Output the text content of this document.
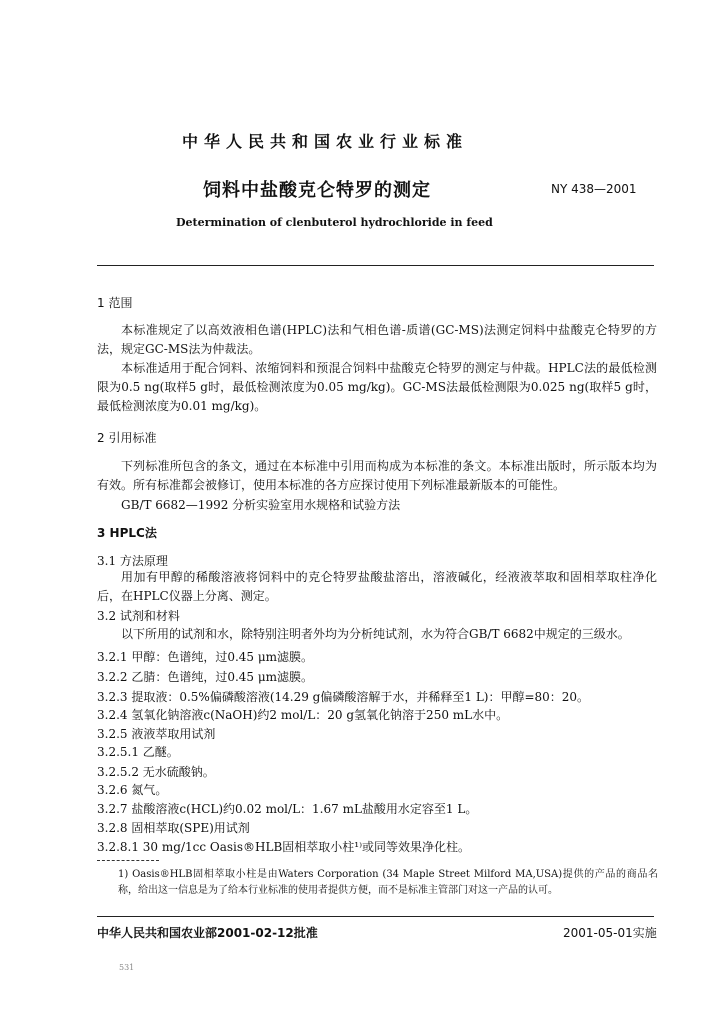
中华人民共和国农业行业标准
饲料中盐酸克仑特罗的测定	NY 438—2001
Determination of clenbuterol hydrochloride in feed
1 范围
本标准规定了以高效液相色谱(HPLC)法和气相色谱-质谱(GC-MS)法测定饲料中盐酸克仑特罗的方法，规定GC-MS法为仲裁法。
本标准适用于配合饲料、浓缩饲料和预混合饲料中盐酸克仑特罗的测定与仲裁。HPLC法的最低检测限为0.5 ng(取样5 g时，最低检测浓度为0.05 mg/kg)。GC-MS法最低检测限为0.025 ng(取样5 g时，最低检测浓度为0.01 mg/kg)。
2 引用标准
下列标准所包含的条文，通过在本标准中引用而构成为本标准的条文。本标准出版时，所示版本均为有效。所有标准都会被修订，使用本标准的各方应探讨使用下列标准最新版本的可能性。
GB/T 6682—1992 分析实验室用水规格和试验方法
3 HPLC法
3.1 方法原理
用加有甲醇的稀酸溶液将饲料中的克仑特罗盐酸盐溶出，溶液碱化，经液液萃取和固相萃取柱净化后，在HPLC仪器上分离、测定。
3.2 试剂和材料
以下所用的试剂和水，除特别注明者外均为分析纯试剂，水为符合GB/T 6682中规定的三级水。
3.2.1 甲醇：色谱纯，过0.45 μm滤膜。
3.2.2 乙腈：色谱纯，过0.45 μm滤膜。
3.2.3 提取液：0.5%偏磷酸溶液(14.29 g偏磷酸溶解于水，并稀释至1 L)：甲醇=80：20。
3.2.4 氢氧化钠溶液c(NaOH)约2 mol/L：20 g氢氧化钠溶于250 mL水中。
3.2.5 液液萃取用试剂
3.2.5.1 乙醚。
3.2.5.2 无水硫酸钠。
3.2.6 氮气。
3.2.7 盐酸溶液c(HCL)约0.02 mol/L：1.67 mL盐酸用水定容至1 L。
3.2.8 固相萃取(SPE)用试剂
3.2.8.1 30 mg/1cc Oasis®HLB固相萃取小柱¹⁾或同等效果净化柱。
1) Oasis®HLB固相萃取小柱是由Waters Corporation (34 Maple Street Milford MA,USA)提供的产品的商品名称，给出这一信息是为了给本行业标准的使用者提供方便，而不是标准主管部门对这一产品的认可。
中华人民共和国农业部2001-02-12批准	2001-05-01实施
531
